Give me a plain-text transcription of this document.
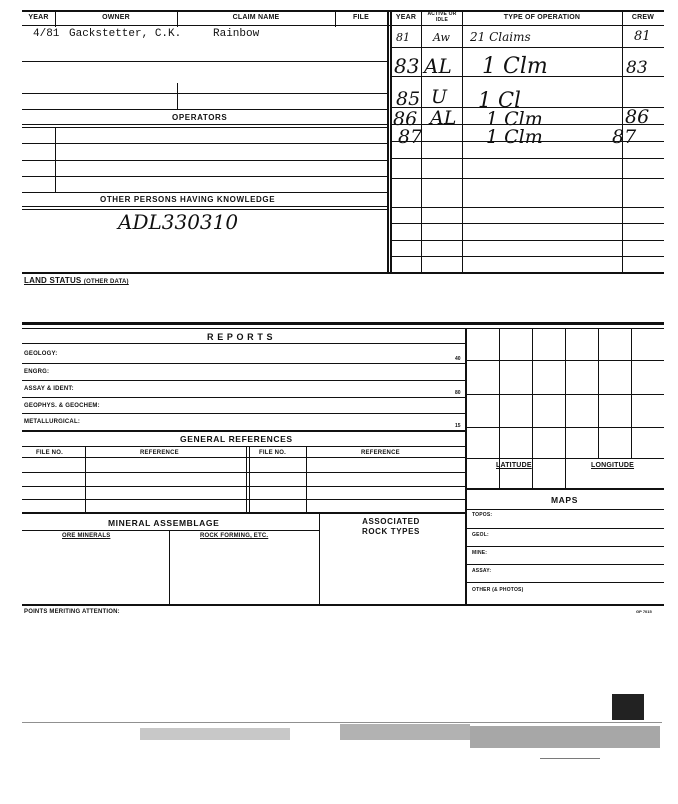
YEAR	OWNER	CLAIM NAME	FILE	YEAR	ACTIVE OR IDLE	TYPE OF OPERATION	CREW
4/81 Gackstetter, C.K.	Rainbow
OPERATORS
OTHER PERSONS HAVING KNOWLEDGE
ADL330310
81 Aw 21 Claims	81
83 AL 1 Clm	83
85 U 1 Cl
86 AL 1 Clm	86
87	1 Clm	87
LAND STATUS (OTHER DATA)
R E P O R T S
GEOLOGY:
40
ENGRG:
ASSAY & IDENT:
80
GEOPHYS. & GEOCHEM:
METALLURGICAL:
15
GENERAL REFERENCES
FILE NO.	REFERENCE	FILE NO.	REFERENCE
MINERAL ASSEMBLAGE
ORE MINERALS	ROCK FORMING, ETC.
ASSOCIATED ROCK TYPES
LATITUDE	LONGITUDE
MAPS
TOPOS:
GEOL:
MINE:
ASSAY:
OTHER (& PHOTOS)
POINTS MERITING ATTENTION:	GP 7015
